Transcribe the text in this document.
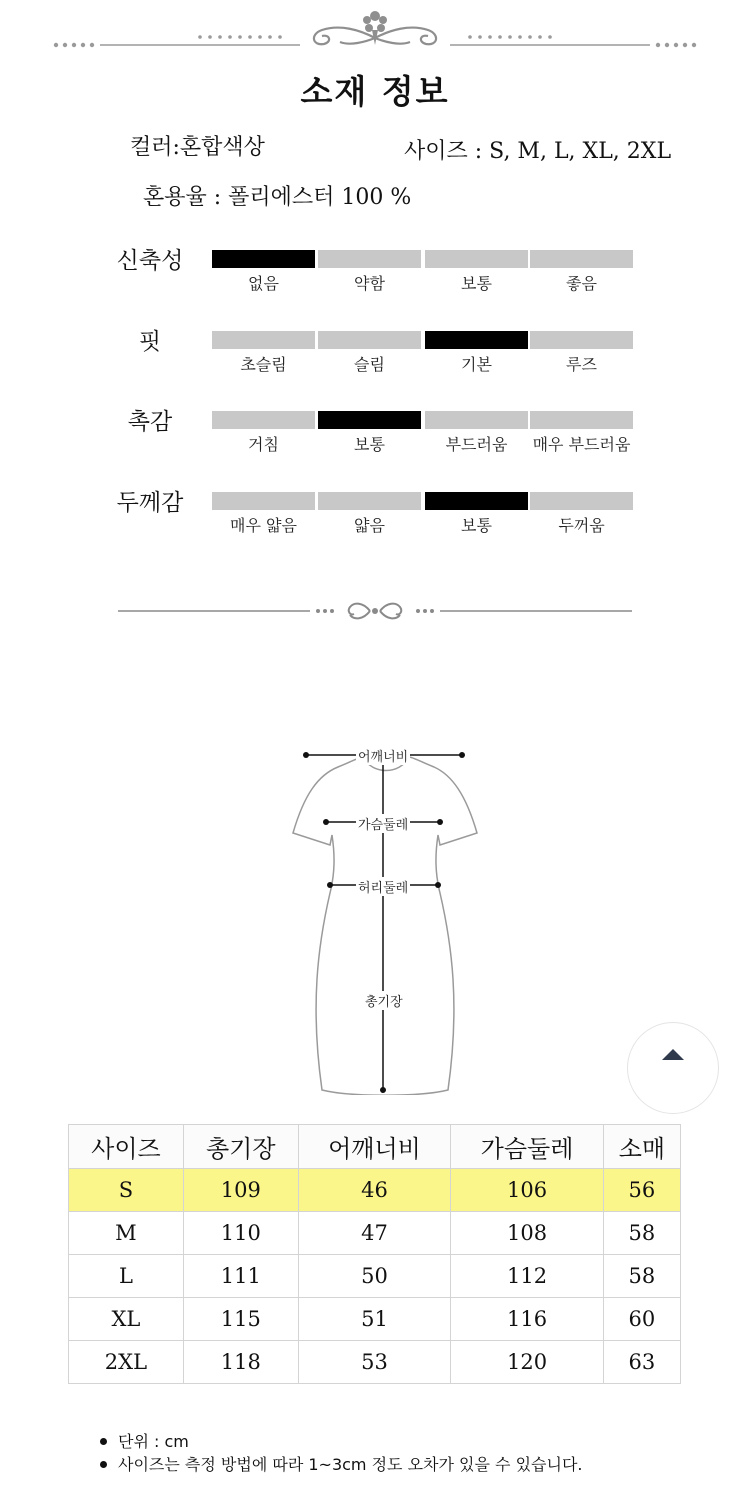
소재 정보
컬러:혼합색상	사이즈 : S, M, L, XL, 2XL
혼용율 : 폴리에스터 100 %
신축성
없음	약함	보통	좋음
핏
초슬림	슬림	기본	루즈
촉감
거침	보통	부드러움	매우 부드러움
두께감
매우 얇음	얇음	보통	두꺼움
어깨너비
가슴둘레
허리둘레
총기장
사이즈	총기장	어깨너비	가슴둘레	소매
S	109	46	106	56
M	110	47	108	58
L	111	50	112	58
XL	115	51	116	60
2XL	118	53	120	63
단위 : cm
사이즈는 측정 방법에 따라 1~3cm 정도 오차가 있을 수 있습니다.
